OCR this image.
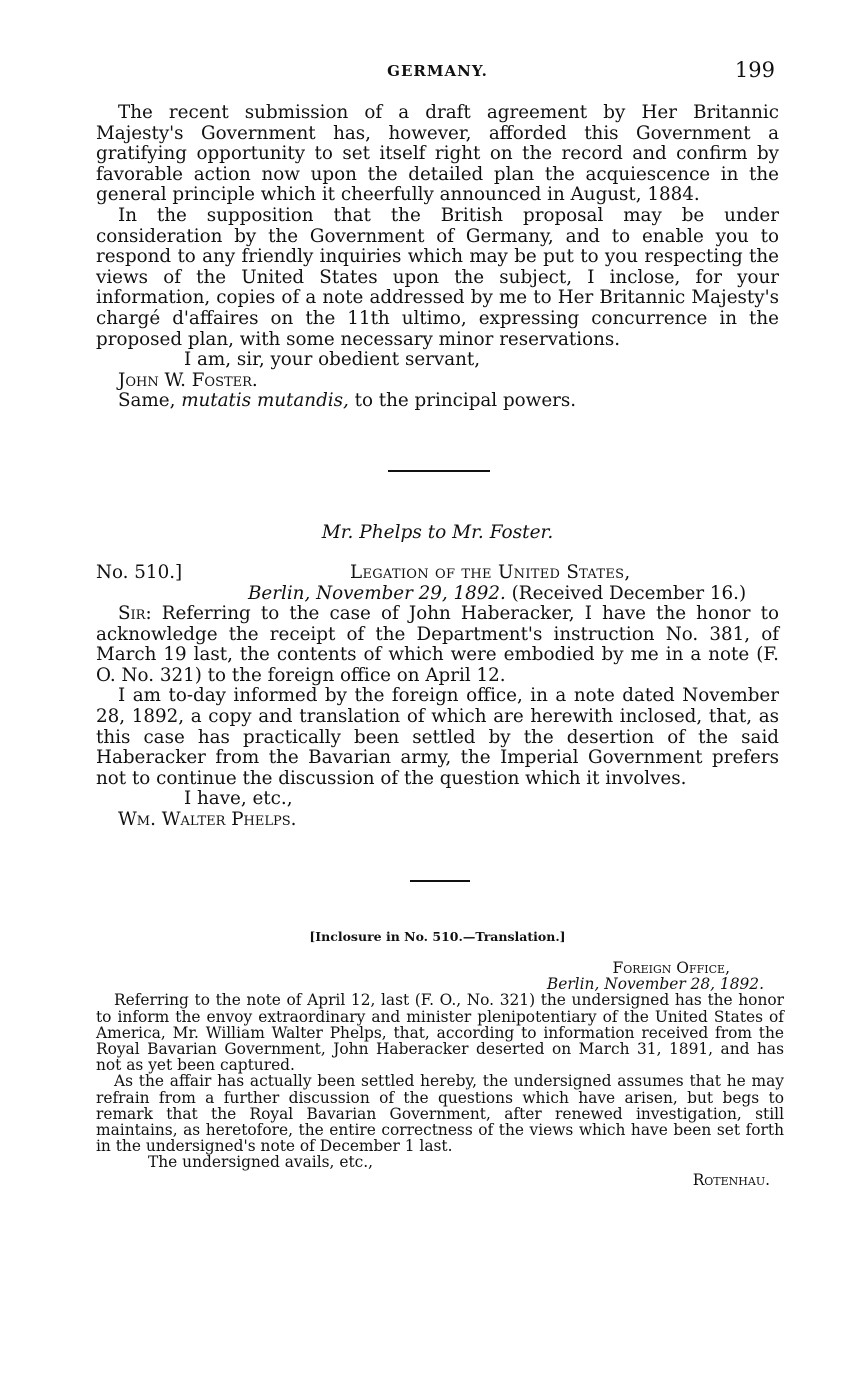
GERMANY.	199

The recent submission of a draft agreement by Her Britannic Majesty's Government has, however, afforded this Government a gratifying opportunity to set itself right on the record and confirm by favorable action now upon the detailed plan the acquiescence in the general principle which it cheerfully announced in August, 1884.

In the supposition that the British proposal may be under consideration by the Government of Germany, and to enable you to respond to any friendly inquiries which may be put to you respecting the views of the United States upon the subject, I inclose, for your information, copies of a note addressed by me to Her Britannic Majesty's chargé d'affaires on the 11th ultimo, expressing concurrence in the proposed plan, with some necessary minor reservations.

I am, sir, your obedient servant,

John W. Foster.

Same, mutatis mutandis, to the principal powers.

Mr. Phelps to Mr. Foster.
No. 510.]	Legation of the United States,
Berlin, November 29, 1892. (Received December 16.)

Sir: Referring to the case of John Haberacker, I have the honor to acknowledge the receipt of the Department's instruction No. 381, of March 19 last, the contents of which were embodied by me in a note (F. O. No. 321) to the foreign office on April 12.

I am to-day informed by the foreign office, in a note dated November 28, 1892, a copy and translation of which are herewith inclosed, that, as this case has practically been settled by the desertion of the said Haberacker from the Bavarian army, the Imperial Government prefers not to continue the discussion of the question which it involves.

I have, etc.,

Wm. Walter Phelps.

[Inclosure in No. 510.—Translation.]
Foreign Office,
Berlin, November 28, 1892.

Referring to the note of April 12, last (F. O., No. 321) the undersigned has the honor to inform the envoy extraordinary and minister plenipotentiary of the United States of America, Mr. William Walter Phelps, that, according to information received from the Royal Bavarian Government, John Haberacker deserted on March 31, 1891, and has not as yet been captured.

As the affair has actually been settled hereby, the undersigned assumes that he may refrain from a further discussion of the questions which have arisen, but begs to remark that the Royal Bavarian Government, after renewed investigation, still maintains, as heretofore, the entire correctness of the views which have been set forth in the undersigned's note of December 1 last.

The undersigned avails, etc.,

Rotenhau.
